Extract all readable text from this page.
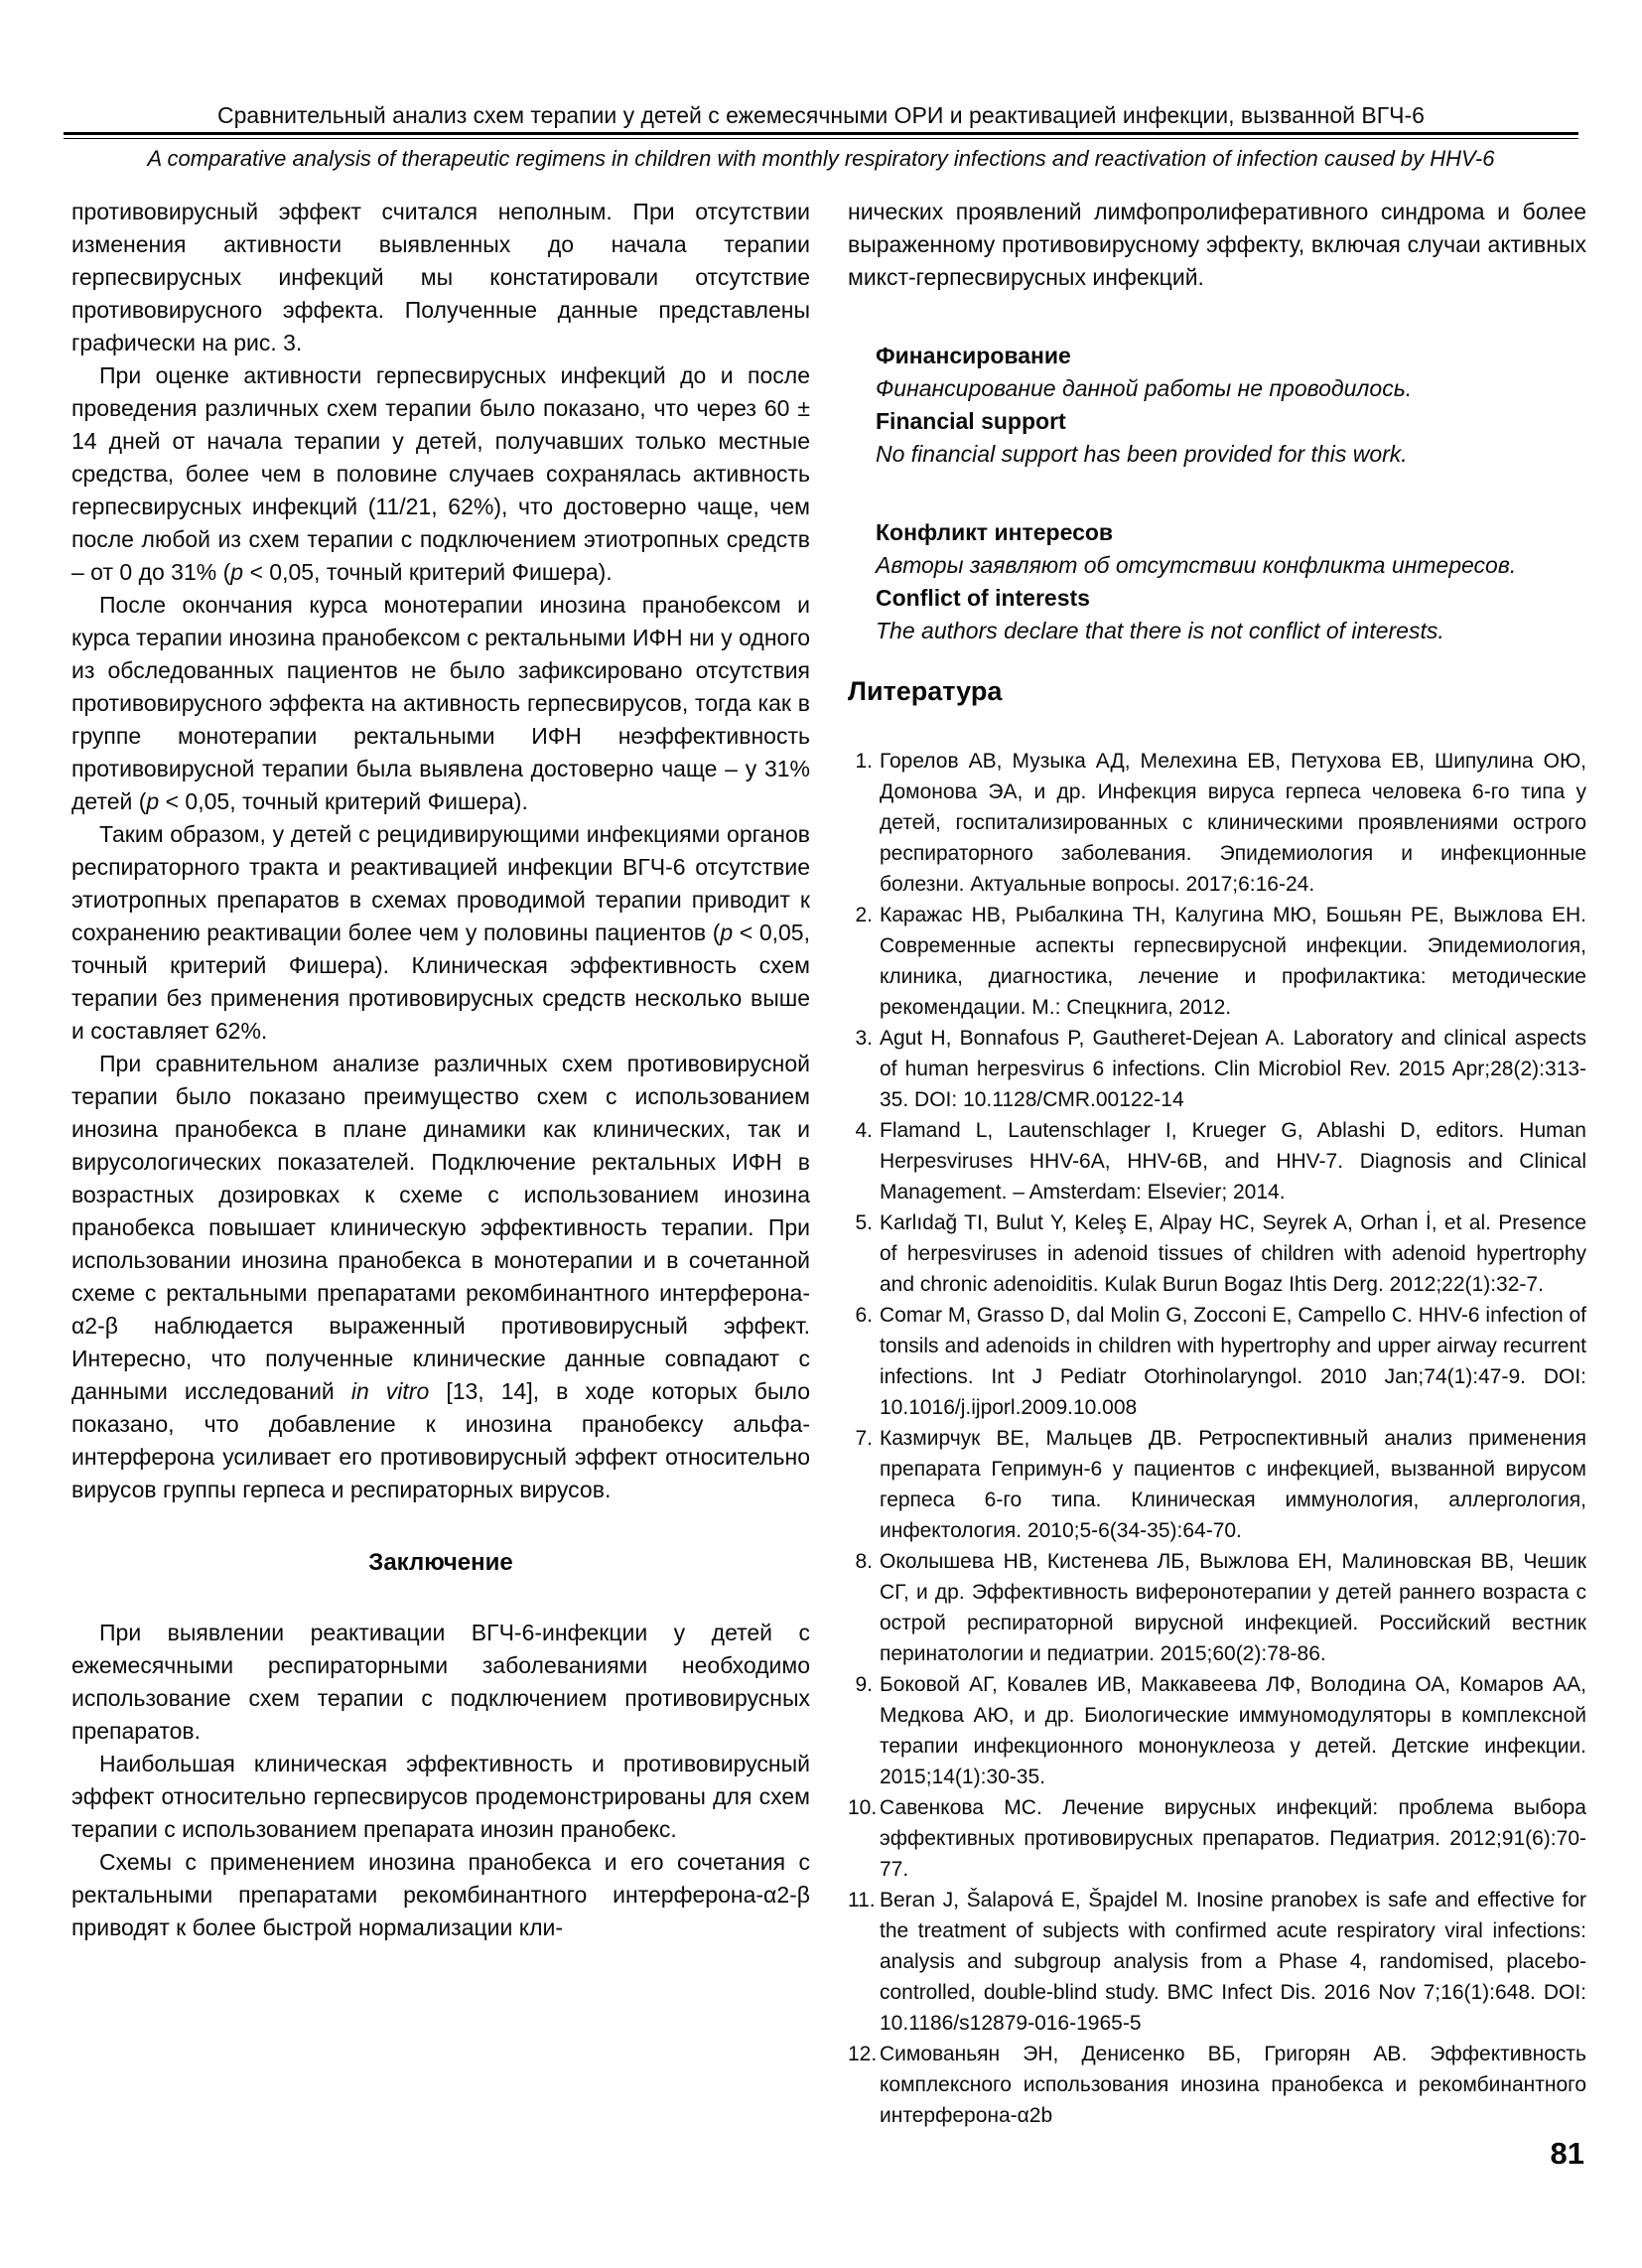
Сравнительный анализ схем терапии у детей с ежемесячными ОРИ и реактивацией инфекции, вызванной ВГЧ-6
A comparative analysis of therapeutic regimens in children with monthly respiratory infections and reactivation of infection caused by HHV-6

противовирусный эффект считался неполным. При отсутствии изменения активности выявленных до начала терапии герпесвирусных инфекций мы констатировали отсутствие противовирусного эффекта. Полученные данные представлены графически на рис. 3.

При оценке активности герпесвирусных инфекций до и после проведения различных схем терапии было показано, что через 60 ± 14 дней от начала терапии у детей, получавших только местные средства, более чем в половине случаев сохранялась активность герпесвирусных инфекций (11/21, 62%), что достоверно чаще, чем после любой из схем терапии с подключением этиотропных средств – от 0 до 31% (p < 0,05, точный критерий Фишера).

После окончания курса монотерапии инозина пранобексом и курса терапии инозина пранобексом с ректальными ИФН ни у одного из обследованных пациентов не было зафиксировано отсутствия противовирусного эффекта на активность герпесвирусов, тогда как в группе монотерапии ректальными ИФН неэффективность противовирусной терапии была выявлена достоверно чаще – у 31% детей (p < 0,05, точный критерий Фишера).

Таким образом, у детей с рецидивирующими инфекциями органов респираторного тракта и реактивацией инфекции ВГЧ-6 отсутствие этиотропных препаратов в схемах проводимой терапии приводит к сохранению реактивации более чем у половины пациентов (p < 0,05, точный критерий Фишера). Клиническая эффективность схем терапии без применения противовирусных средств несколько выше и составляет 62%.

При сравнительном анализе различных схем противовирусной терапии было показано преимущество схем с использованием инозина пранобекса в плане динамики как клинических, так и вирусологических показателей. Подключение ректальных ИФН в возрастных дозировках к схеме с использованием инозина пранобекса повышает клиническую эффективность терапии. При использовании инозина пранобекса в монотерапии и в сочетанной схеме с ректальными препаратами рекомбинантного интерферона-α2-β наблюдается выраженный противовирусный эффект. Интересно, что полученные клинические данные совпадают с данными исследований in vitro [13, 14], в ходе которых было показано, что добавление к инозина пранобексу альфа-интерферона усиливает его противовирусный эффект относительно вирусов группы герпеса и респираторных вирусов.

Заключение

При выявлении реактивации ВГЧ-6-инфекции у детей с ежемесячными респираторными заболеваниями необходимо использование схем терапии с подключением противовирусных препаратов.

Наибольшая клиническая эффективность и противовирусный эффект относительно герпесвирусов продемонстрированы для схем терапии с использованием препарата инозин пранобекс.

Схемы с применением инозина пранобекса и его сочетания с ректальными препаратами рекомбинантного интерферона-α2-β приводят к более быстрой нормализации кли-

нических проявлений лимфопролиферативного синдрома и более выраженному противовирусному эффекту, включая случаи активных микст-герпесвирусных инфекций.

Финансирование

Финансирование данной работы не проводилось.

Financial support

No financial support has been provided for this work.

Конфликт интересов

Авторы заявляют об отсутствии конфликта интересов.

Conflict of interests

The authors declare that there is not conflict of interests.

Литература

1. Горелов АВ, Музыка АД, Мелехина ЕВ, Петухова ЕВ, Шипулина ОЮ, Домонова ЭА, и др. Инфекция вируса герпеса человека 6-го типа у детей, госпитализированных с клиническими проявлениями острого респираторного заболевания. Эпидемиология и инфекционные болезни. Актуальные вопросы. 2017;6:16-24.

2. Каражас НВ, Рыбалкина ТН, Калугина МЮ, Бошьян РЕ, Выжлова ЕН. Современные аспекты герпесвирусной инфекции. Эпидемиология, клиника, диагностика, лечение и профилактика: методические рекомендации. М.: Спецкнига, 2012.

3. Agut H, Bonnafous P, Gautheret-Dejean A. Laboratory and clinical aspects of human herpesvirus 6 infections. Clin Microbiol Rev. 2015 Apr;28(2):313-35. DOI: 10.1128/CMR.00122-14

4. Flamand L, Lautenschlager I, Krueger G, Ablashi D, editors. Human Herpesviruses HHV-6A, HHV-6B, and HHV-7. Diagnosis and Clinical Management. – Amsterdam: Elsevier; 2014.

5. Karlıdağ TI, Bulut Y, Keleş E, Alpay HC, Seyrek A, Orhan İ, et al. Presence of herpesviruses in adenoid tissues of children with adenoid hypertrophy and chronic adenoiditis. Kulak Burun Bogaz Ihtis Derg. 2012;22(1):32-7.

6. Comar M, Grasso D, dal Molin G, Zocconi E, Campello C. HHV-6 infection of tonsils and adenoids in children with hypertrophy and upper airway recurrent infections. Int J Pediatr Otorhinolaryngol. 2010 Jan;74(1):47-9. DOI: 10.1016/j.ijporl.2009.10.008

7. Казмирчук ВЕ, Мальцев ДВ. Ретроспективный анализ применения препарата Гепримун-6 у пациентов с инфекцией, вызванной вирусом герпеса 6-го типа. Клиническая иммунология, аллергология, инфектология. 2010;5-6(34-35):64-70.

8. Околышева НВ, Кистенева ЛБ, Выжлова ЕН, Малиновская ВВ, Чешик СГ, и др. Эффективность виферонотерапии у детей раннего возраста с острой респираторной вирусной инфекцией. Российский вестник перинатологии и педиатрии. 2015;60(2):78-86.

9. Боковой АГ, Ковалев ИВ, Маккавеева ЛФ, Володина ОА, Комаров АА, Медкова АЮ, и др. Биологические иммуномодуляторы в комплексной терапии инфекционного мононуклеоза у детей. Детские инфекции. 2015;14(1):30-35.

10. Савенкова МС. Лечение вирусных инфекций: проблема выбора эффективных противовирусных препаратов. Педиатрия. 2012;91(6):70-77.

11. Beran J, Šalapová E, Špajdel M. Inosine pranobex is safe and effective for the treatment of subjects with confirmed acute respiratory viral infections: analysis and subgroup analysis from a Phase 4, randomised, placebo-controlled, double-blind study. BMC Infect Dis. 2016 Nov 7;16(1):648. DOI: 10.1186/s12879-016-1965-5

12. Симованьян ЭН, Денисенко ВБ, Григорян АВ. Эффективность комплексного использования инозина пранобекса и рекомбинантного интерферона-α2b

81
